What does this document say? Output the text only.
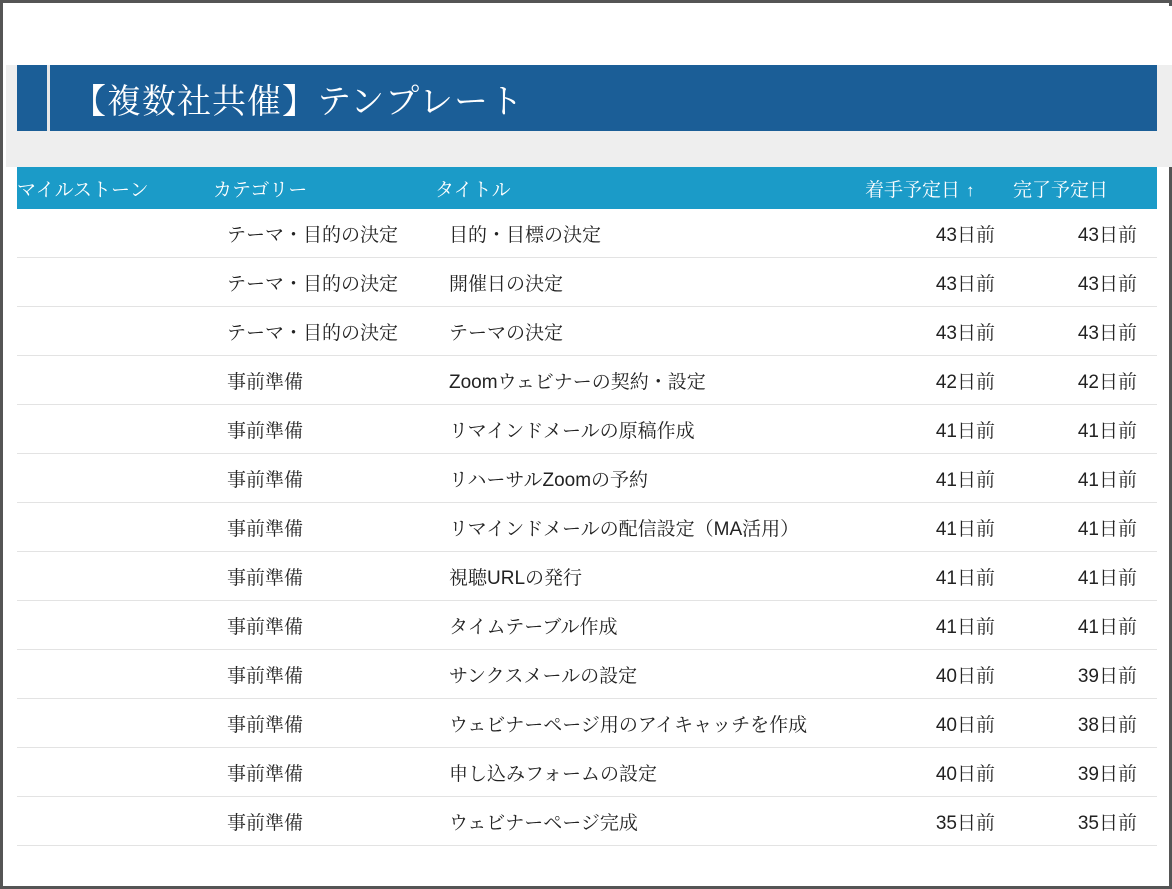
【複数社共催】テンプレート
マイルストーン	カテゴリー	タイトル	着手予定日 ↑	完了予定日
	テーマ・目的の決定	目的・目標の決定	43日前	43日前
	テーマ・目的の決定	開催日の決定	43日前	43日前
	テーマ・目的の決定	テーマの決定	43日前	43日前
	事前準備	Zoomウェビナーの契約・設定	42日前	42日前
	事前準備	リマインドメールの原稿作成	41日前	41日前
	事前準備	リハーサルZoomの予約	41日前	41日前
	事前準備	リマインドメールの配信設定（MA活用）	41日前	41日前
	事前準備	視聴URLの発行	41日前	41日前
	事前準備	タイムテーブル作成	41日前	41日前
	事前準備	サンクスメールの設定	40日前	39日前
	事前準備	ウェビナーページ用のアイキャッチを作成	40日前	38日前
	事前準備	申し込みフォームの設定	40日前	39日前
	事前準備	ウェビナーページ完成	35日前	35日前
